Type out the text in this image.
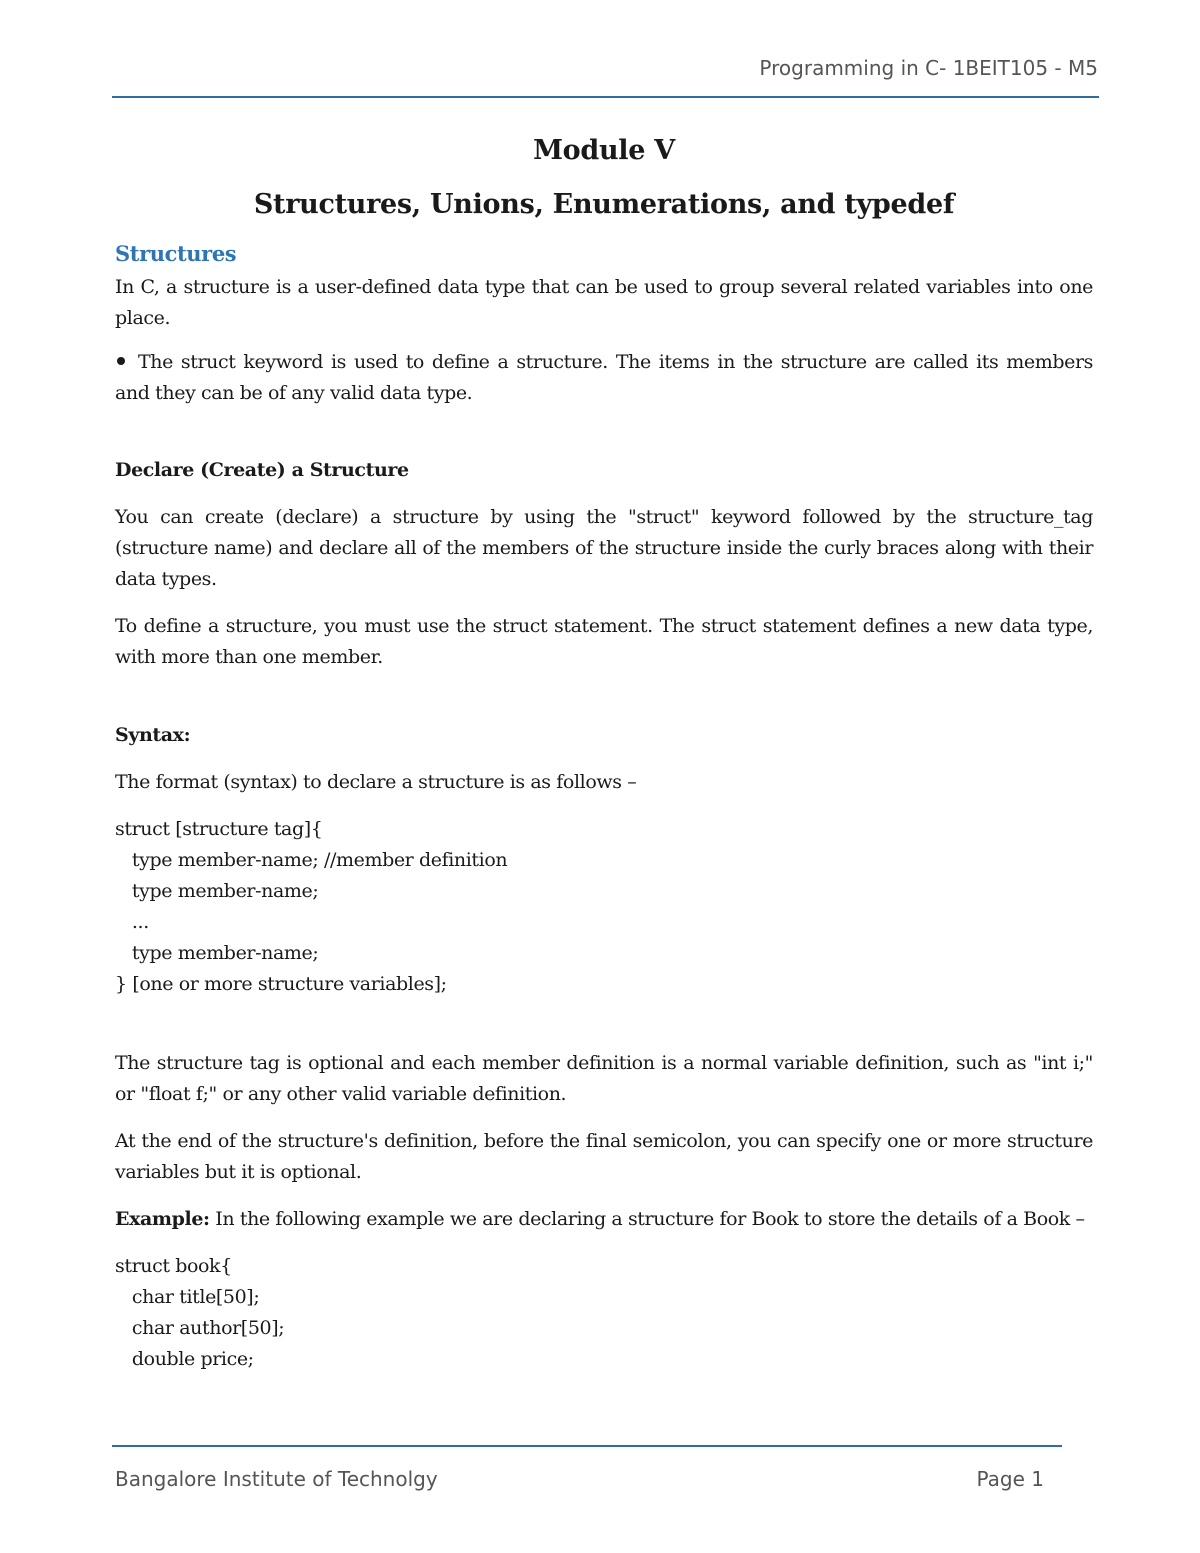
Programming in C- 1BEIT105 - M5

Module V

Structures, Unions, Enumerations, and typedef

Structures

In C, a structure is a user-defined data type that can be used to group several related variables into one place.

The struct keyword is used to define a structure. The items in the structure are called its members and they can be of any valid data type.

Declare (Create) a Structure

You can create (declare) a structure by using the "struct" keyword followed by the structure_tag (structure name) and declare all of the members of the structure inside the curly braces along with their data types.

To define a structure, you must use the struct statement. The struct statement defines a new data type, with more than one member.

Syntax:

The format (syntax) to declare a structure is as follows –

struct [structure tag]{
type member-name; //member definition
type member-name;
...
type member-name;
} [one or more structure variables];

The structure tag is optional and each member definition is a normal variable definition, such as "int i;" or "float f;" or any other valid variable definition.

At the end of the structure's definition, before the final semicolon, you can specify one or more structure variables but it is optional.

Example: In the following example we are declaring a structure for Book to store the details of a Book –

struct book{
char title[50];
char author[50];
double price;
Bangalore Institute of Technolgy	Page 1
